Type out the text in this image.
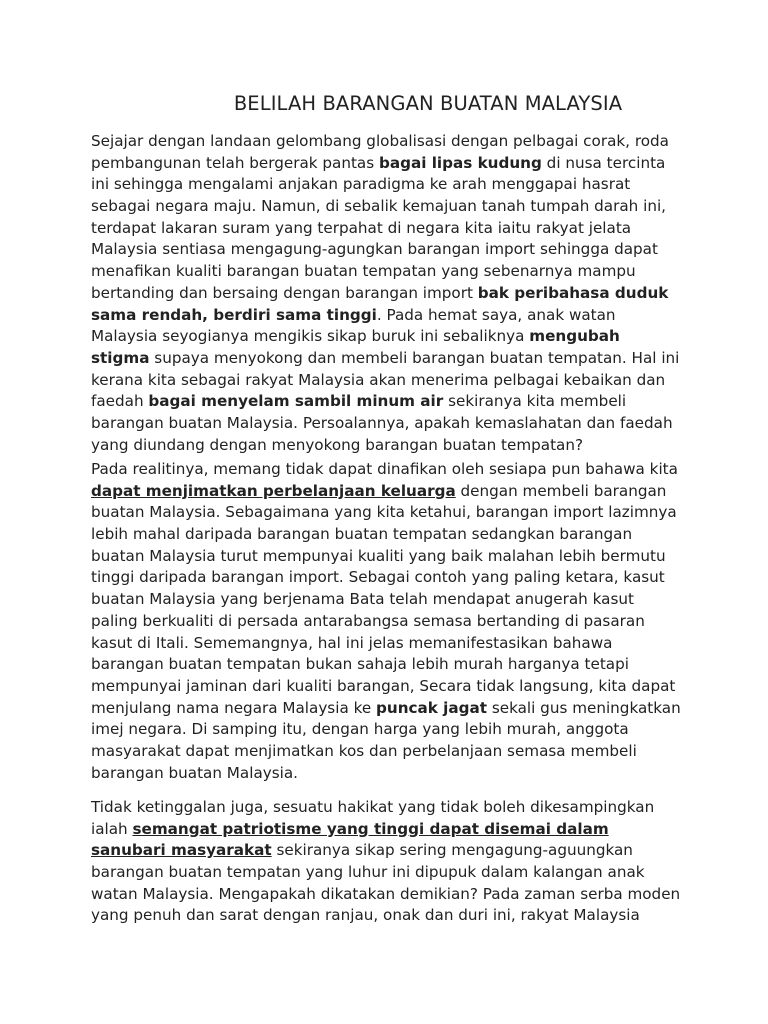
BELILAH BARANGAN BUATAN MALAYSIA
Sejajar dengan landaan gelombang globalisasi dengan pelbagai corak, roda
pembangunan telah bergerak pantas bagai lipas kudung di nusa tercinta
ini sehingga mengalami anjakan paradigma ke arah menggapai hasrat
sebagai negara maju. Namun, di sebalik kemajuan tanah tumpah darah ini,
terdapat lakaran suram yang terpahat di negara kita iaitu rakyat jelata
Malaysia sentiasa mengagung-agungkan barangan import sehingga dapat
menafikan kualiti barangan buatan tempatan yang sebenarnya mampu
bertanding dan bersaing dengan barangan import bak peribahasa duduk
sama rendah, berdiri sama tinggi. Pada hemat saya, anak watan
Malaysia seyogianya mengikis sikap buruk ini sebaliknya mengubah
stigma supaya menyokong dan membeli barangan buatan tempatan. Hal ini
kerana kita sebagai rakyat Malaysia akan menerima pelbagai kebaikan dan
faedah bagai menyelam sambil minum air sekiranya kita membeli
barangan buatan Malaysia. Persoalannya, apakah kemaslahatan dan faedah
yang diundang dengan menyokong barangan buatan tempatan?
Pada realitinya, memang tidak dapat dinafikan oleh sesiapa pun bahawa kita
dapat menjimatkan perbelanjaan keluarga dengan membeli barangan
buatan Malaysia. Sebagaimana yang kita ketahui, barangan import lazimnya
lebih mahal daripada barangan buatan tempatan sedangkan barangan
buatan Malaysia turut mempunyai kualiti yang baik malahan lebih bermutu
tinggi daripada barangan import. Sebagai contoh yang paling ketara, kasut
buatan Malaysia yang berjenama Bata telah mendapat anugerah kasut
paling berkualiti di persada antarabangsa semasa bertanding di pasaran
kasut di Itali. Sememangnya, hal ini jelas memanifestasikan bahawa
barangan buatan tempatan bukan sahaja lebih murah harganya tetapi
mempunyai jaminan dari kualiti barangan, Secara tidak langsung, kita dapat
menjulang nama negara Malaysia ke puncak jagat sekali gus meningkatkan
imej negara. Di samping itu, dengan harga yang lebih murah, anggota
masyarakat dapat menjimatkan kos dan perbelanjaan semasa membeli
barangan buatan Malaysia.
Tidak ketinggalan juga, sesuatu hakikat yang tidak boleh dikesampingkan
ialah semangat patriotisme yang tinggi dapat disemai dalam
sanubari masyarakat sekiranya sikap sering mengagung-aguungkan
barangan buatan tempatan yang luhur ini dipupuk dalam kalangan anak
watan Malaysia. Mengapakah dikatakan demikian? Pada zaman serba moden
yang penuh dan sarat dengan ranjau, onak dan duri ini, rakyat Malaysia
